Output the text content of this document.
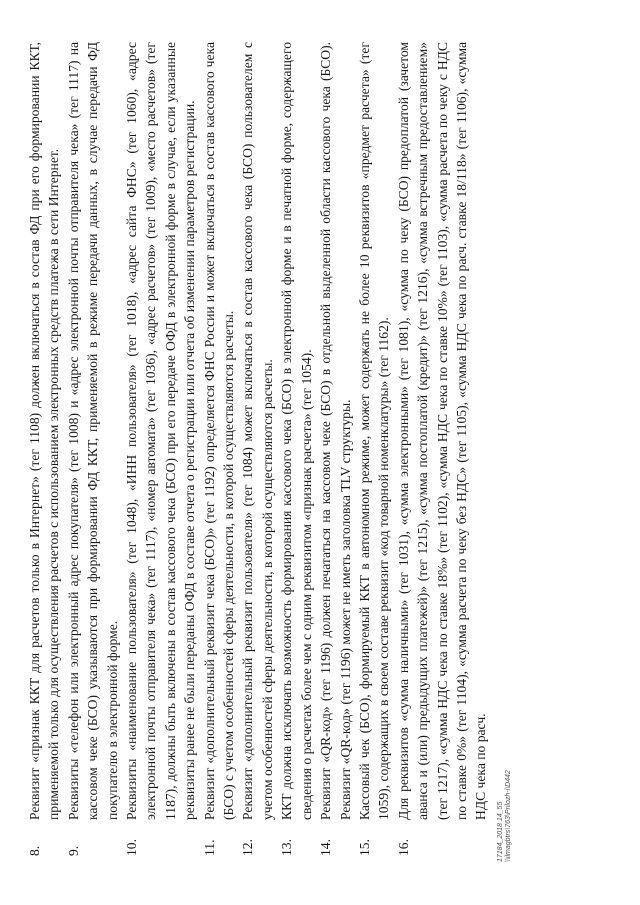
8.
Реквизит «признак ККТ для расчетов только в Интернет» (тег 1108) должен включаться в состав ФД при его формировании ККТ, применяемой только для осуществления расчетов с использованием электронных средств платежа в сети Интернет.
9.
Реквизиты «телефон или электронный адрес покупателя» (тег 1008) и «адрес электронной почты отправителя чека» (тег 1117) на кассовом чеке (БСО) указываются при формировании ФД ККТ, применяемой в режиме передачи данных, в случае передачи ФД покупателю в электронной форме.
10.
Реквизиты «наименование пользователя» (тег 1048), «ИНН пользователя» (тег 1018), «адрес сайта ФНС» (тег 1060), «адрес электронной почты отправителя чека» (тег 1117), «номер автомата» (тег 1036), «адрес расчетов» (тег 1009), «место расчетов» (тег 1187), должны быть включены в состав кассового чека (БСО) при его передаче ОФД в электронной форме в случае, если указанные реквизиты ранее не были переданы ОФД в составе отчета о регистрации или отчета об изменении параметров регистрации.
11.
Реквизит «дополнительный реквизит чека (БСО)» (тег 1192) определяется ФНС России и может включаться в состав кассового чека (БСО) с учетом особенностей сферы деятельности, в которой осуществляются расчеты.
12.
Реквизит «дополнительный реквизит пользователя» (тег 1084) может включаться в состав кассового чека (БСО) пользователем с учетом особенностей сферы деятельности, в которой осуществляются расчеты.
13.
ККТ должна исключать возможность формирования кассового чека (БСО) в электронной форме и в печатной форме, содержащего сведения о расчетах более чем с одним реквизитом «признак расчета» (тег 1054).
14.
Реквизит «QR-код» (тег 1196) должен печататься на кассовом чеке (БСО) в отдельной выделенной области кассового чека (БСО). Реквизит «QR-код» (тег 1196) может не иметь заголовка TLV структуры.
15.
Кассовый чек (БСО), формируемый ККТ в автономном режиме, может содержать не более 10 реквизитов «предмет расчета» (тег 1059), содержащих в своем составе реквизит «код товарной номенклатуры» (тег 1162).
16.
Для реквизитов «сумма наличными» (тег 1031), «сумма электронными» (тег 1081), «сумма по чеку (БСО) предоплатой (зачетом аванса и (или) предыдущих платежей)» (тег 1215), «сумма постоплатой (кредит)» (тег 1216), «сумма встречным предоставлением» (тег 1217), «сумма НДС чека по ставке 18%» (тег 1102), «сумма НДС чека по ставке 10%» (тег 1103), «сумма расчета по чеку с НДС по ставке 0%» (тег 1104), «сумма расчета по чеку без НДС» (тег 1105), «сумма НДС чека по расч. ставке 18/118» (тег 1106), «сумма НДС чека по расч.
17184_2018 14_55 \\ilmagbtrs\763\Prilozh-i\D442
